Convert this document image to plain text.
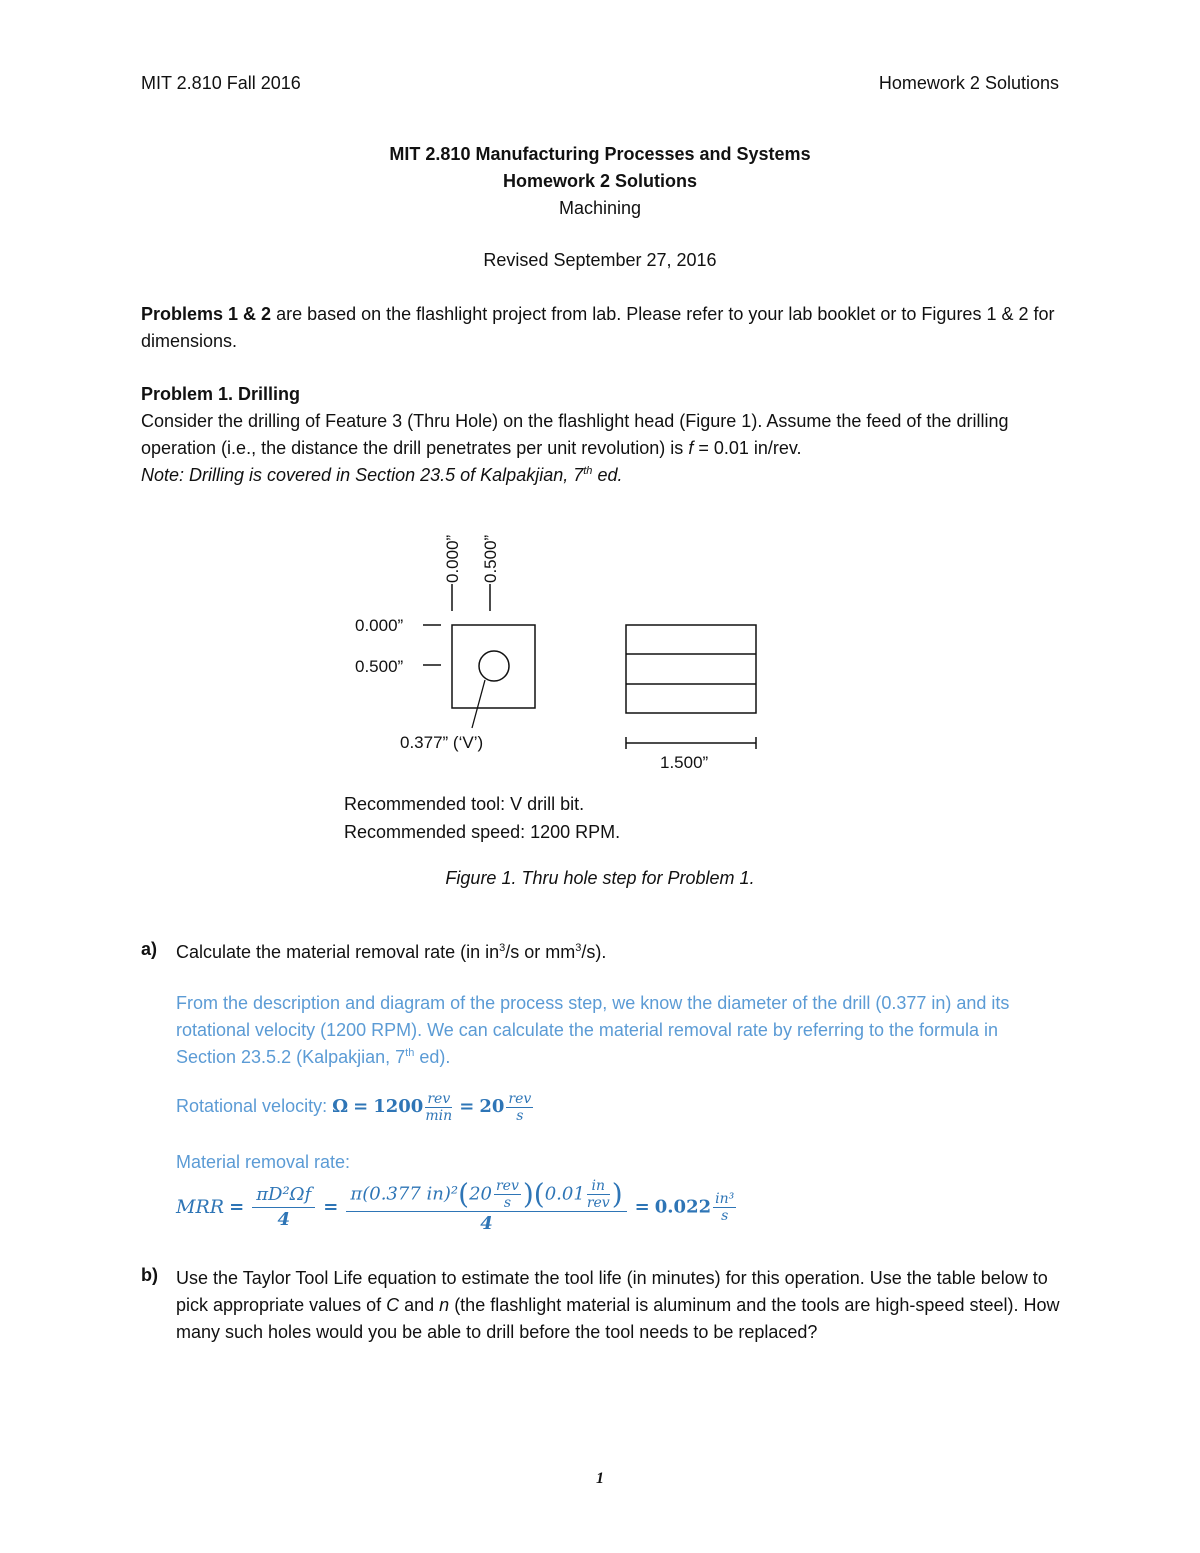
MIT 2.810 Fall 2016	Homework 2 Solutions
MIT 2.810 Manufacturing Processes and Systems
Homework 2 Solutions
Machining
Revised September 27, 2016
Problems 1 & 2 are based on the flashlight project from lab. Please refer to your lab booklet or to Figures 1 & 2 for dimensions.
Problem 1. Drilling
Consider the drilling of Feature 3 (Thru Hole) on the flashlight head (Figure 1). Assume the feed of the drilling operation (i.e., the distance the drill penetrates per unit revolution) is f = 0.01 in/rev.
Note: Drilling is covered in Section 23.5 of Kalpakjian, 7th ed.
0.000” 0.500”
0.000”
0.500”
0.377” (‘V’)
1.500”
Recommended tool: V drill bit.
Recommended speed: 1200 RPM.
Figure 1. Thru hole step for Problem 1.
a)	Calculate the material removal rate (in $in^3/s$ or $mm^3/s$).
From the description and diagram of the process step, we know the diameter of the drill (0.377 in) and its rotational velocity (1200 RPM). We can calculate the material removal rate by referring to the formula in Section 23.5.2 (Kalpakjian, 7th ed).
Rotational velocity: $\Omega = 1200 \frac{\text{rev}}{\min} = 20 \frac{\text{rev}}{s}$
Material removal rate:
MRR = $\frac{\text{πD²Ωf}}{4}$ =
π(0.377 $in)^2(20 \frac{\text{rev}}{s} )(0.01 \frac{in}{\text{rev}}$ )
4
= $0.022 \frac{\text{in³}}{s}$
b)	Use the Taylor Tool Life equation to estimate the tool life (in minutes) for this operation. Use the table below to pick appropriate values of C and n (the flashlight material is aluminum and the tools are high-speed steel). How many such holes would you be able to drill before the tool needs to be replaced?
1
